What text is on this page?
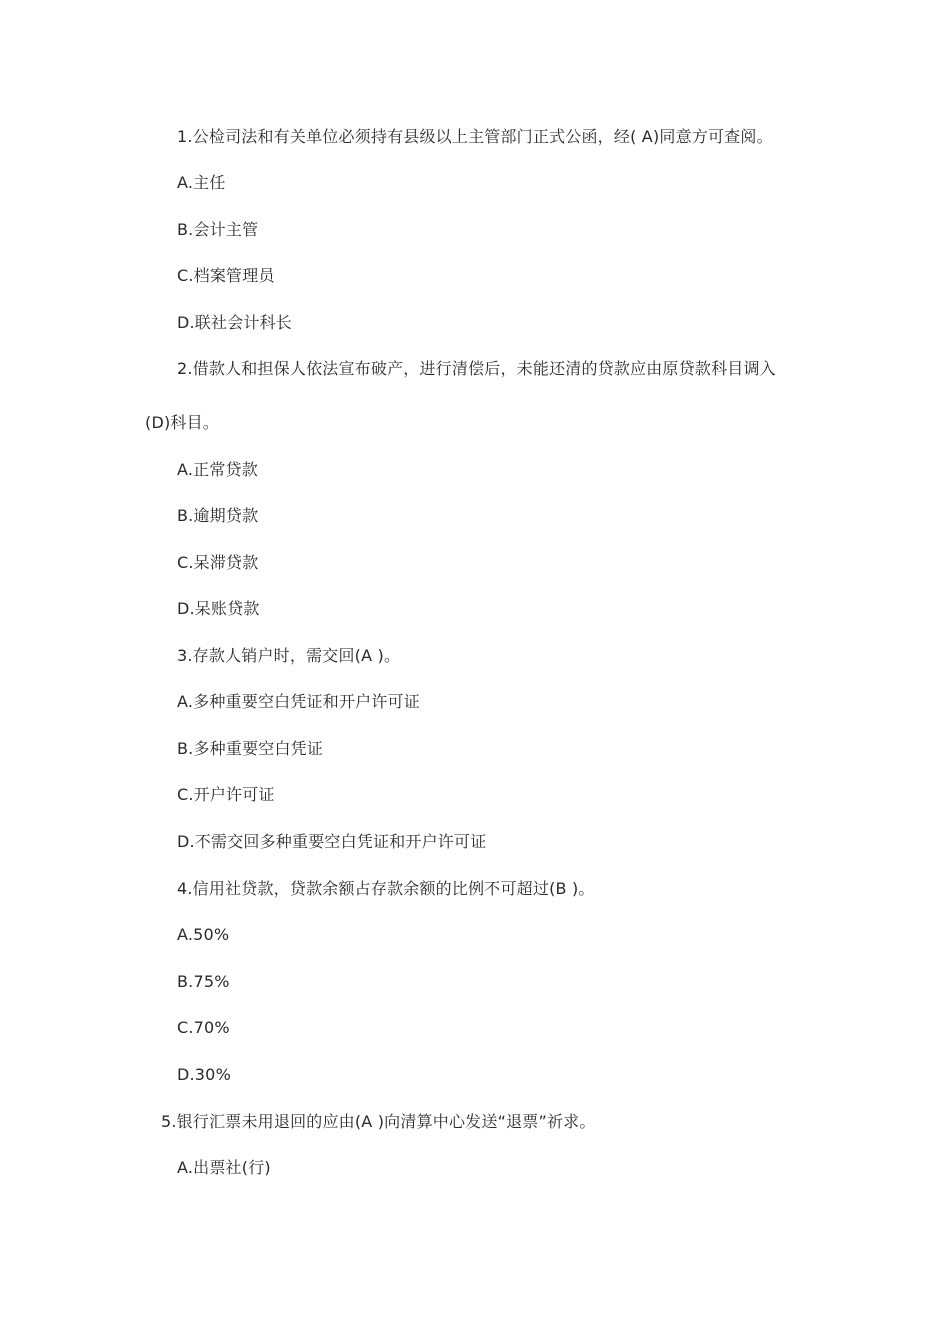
1.公检司法和有关单位必须持有县级以上主管部门正式公函，经( A)同意方可查阅。
A.主任
B.会计主管
C.档案管理员
D.联社会计科长
2.借款人和担保人依法宣布破产，进行清偿后，未能还清的贷款应由原贷款科目调入
(D)科目。
A.正常贷款
B.逾期贷款
C.呆滞贷款
D.呆账贷款
3.存款人销户时，需交回(A )。
A.多种重要空白凭证和开户许可证
B.多种重要空白凭证
C.开户许可证
D.不需交回多种重要空白凭证和开户许可证
4.信用社贷款，贷款余额占存款余额的比例不可超过(B )。
A.50%
B.75%
C.70%
D.30%
5.银行汇票未用退回的应由(A )向清算中心发送“退票”祈求。
A.出票社(行)
